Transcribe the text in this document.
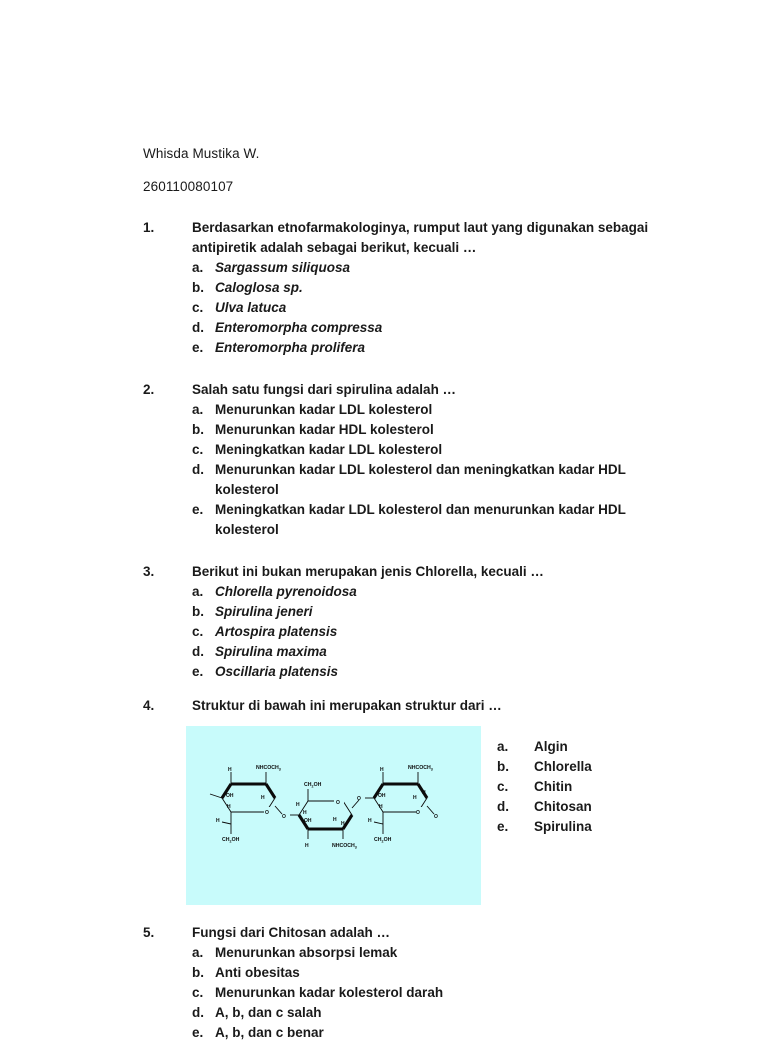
Whisda Mustika W.
260110080107
1.	Berdasarkan etnofarmakologinya, rumput laut yang digunakan sebagai antipiretik adalah sebagai berikut, kecuali …
a. Sargassum siliquosa
b. Caloglosa sp.
c. Ulva latuca
d. Enteromorpha compressa
e. Enteromorpha prolifera
2.	Salah satu fungsi dari spirulina adalah …
a. Menurunkan kadar LDL kolesterol
b. Menurunkan kadar HDL kolesterol
c. Meningkatkan kadar LDL kolesterol
d. Menurunkan kadar LDL kolesterol dan meningkatkan kadar HDL kolesterol
e. Meningkatkan kadar LDL kolesterol dan menurunkan kadar HDL kolesterol
3.	Berikut ini bukan merupakan jenis Chlorella, kecuali …
a. Chlorella pyrenoidosa
b. Spirulina jeneri
c. Artospira platensis
d. Spirulina maxima
e. Oscillaria platensis
4.	Struktur di bawah ini merupakan struktur dari …
O
H	$NHCOCH_3$
OH	H
H
H
$CH_2OH$
O
O
H
H
$CH_2OH$
OH	H
H
H	$NHCOCH_3$
O
O
H	$NHCOCH_3$
OH	H
H
H
H
$CH_2OH$
O
a.	Algin
b.	Chlorella
c.	Chitin
d.	Chitosan
e.	Spirulina
5.	Fungsi dari Chitosan adalah …
a. Menurunkan absorpsi lemak
b. Anti obesitas
c. Menurunkan kadar kolesterol darah
d. A, b, dan c salah
e. A, b, dan c benar
